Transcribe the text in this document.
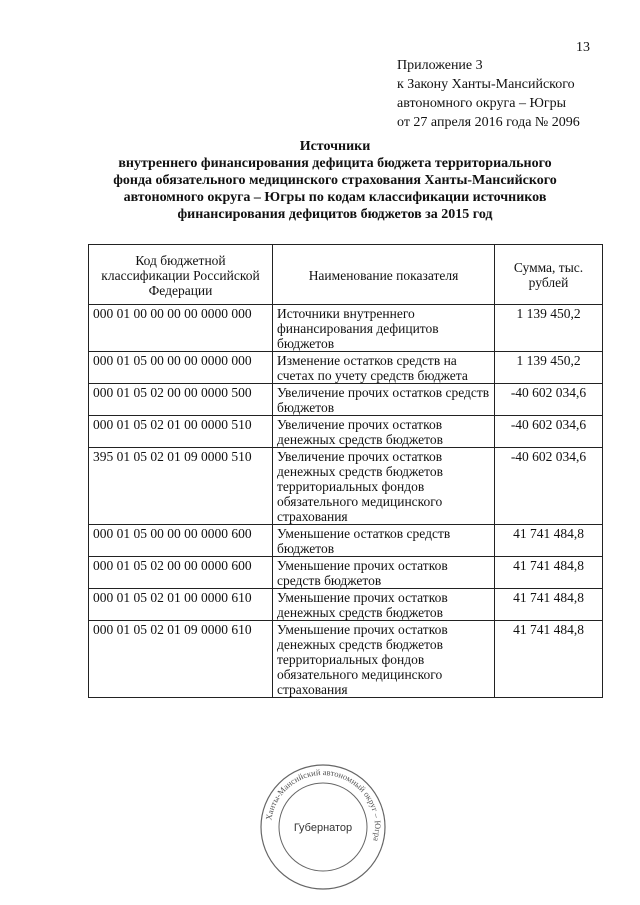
13
Приложение 3
к Закону Ханты-Мансийского
автономного округа – Югры
от 27 апреля 2016 года № 2096
Источники
внутреннего финансирования дефицита бюджета территориального
фонда обязательного медицинского страхования Ханты-Мансийского
автономного округа – Югры по кодам классификации источников
финансирования дефицитов бюджетов за 2015 год
Код бюджетной классификации Российской Федерации	Наименование показателя	Сумма, тыс. рублей
000 01 00 00 00 00 0000 000	Источники внутреннего финансирования дефицитов бюджетов	1 139 450,2
000 01 05 00 00 00 0000 000	Изменение остатков средств на счетах по учету средств бюджета	1 139 450,2
000 01 05 02 00 00 0000 500	Увеличение прочих остатков средств бюджетов	-40 602 034,6
000 01 05 02 01 00 0000 510	Увеличение прочих остатков денежных средств бюджетов	-40 602 034,6
395 01 05 02 01 09 0000 510	Увеличение прочих остатков денежных средств бюджетов территориальных фондов обязательного медицинского страхования	-40 602 034,6
000 01 05 00 00 00 0000 600	Уменьшение остатков средств бюджетов	41 741 484,8
000 01 05 02 00 00 0000 600	Уменьшение прочих остатков средств бюджетов	41 741 484,8
000 01 05 02 01 00 0000 610	Уменьшение прочих остатков денежных средств бюджетов	41 741 484,8
000 01 05 02 01 09 0000 610	Уменьшение прочих остатков денежных средств бюджетов территориальных фондов обязательного медицинского страхования	41 741 484,8
Ханты-Мансийский автономный округ – Югра
Губернатор
